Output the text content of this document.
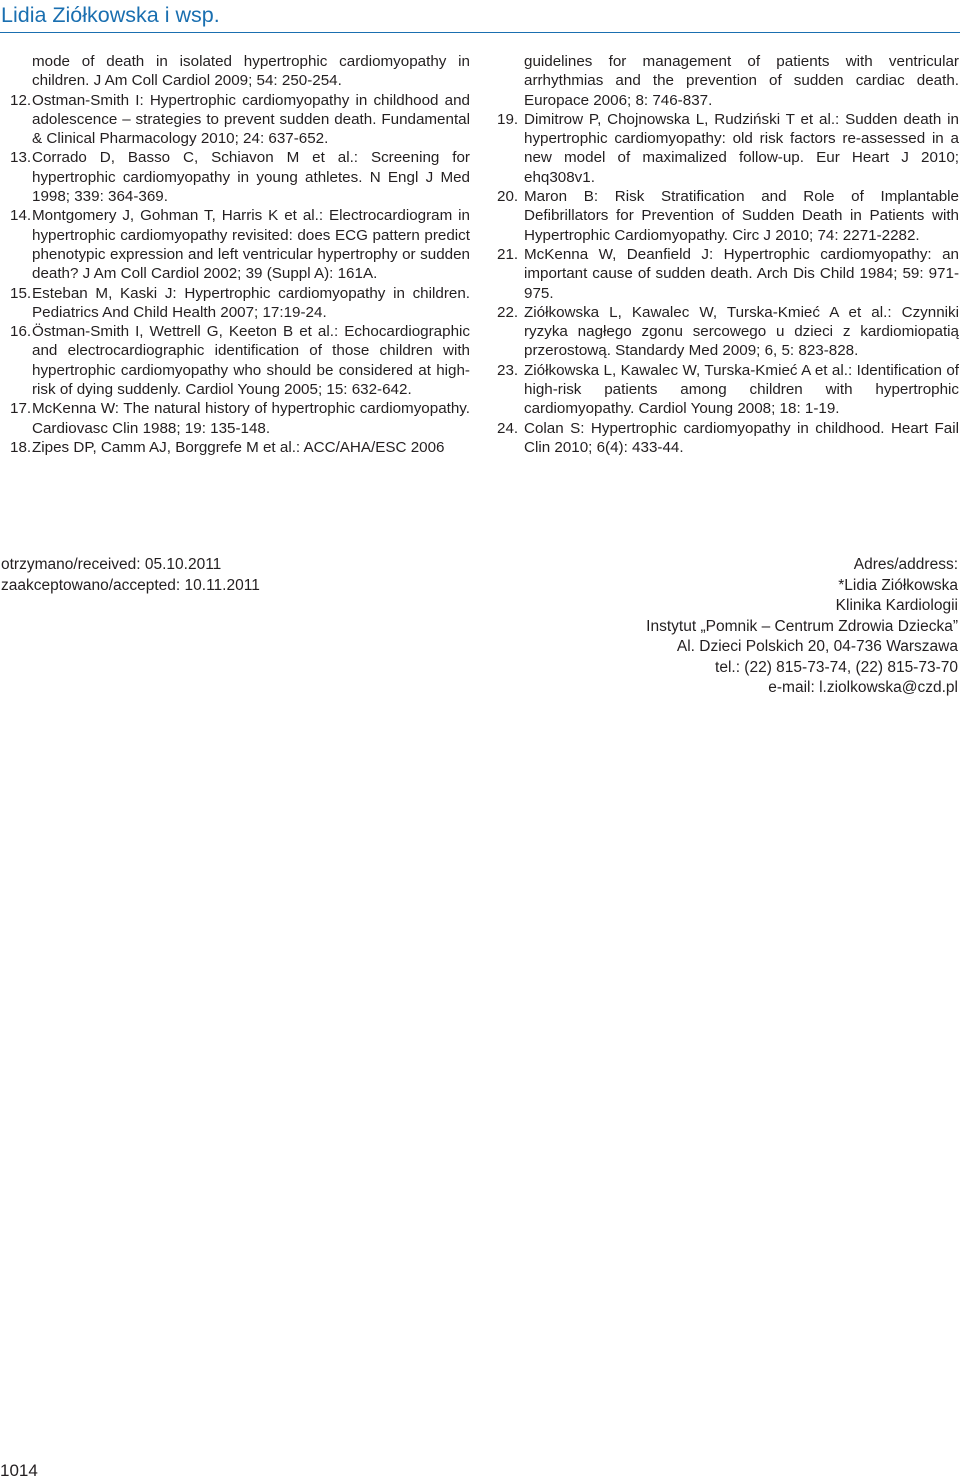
Lidia Ziółkowska i wsp.
mode of death in isolated hypertrophic cardiomyopathy in children. J Am Coll Cardiol 2009; 54: 250-254.
12. Ostman-Smith I: Hypertrophic cardiomyopathy in childhood and adolescence – strategies to prevent sudden death. Fundamental & Clinical Pharmacology 2010; 24: 637-652.
13. Corrado D, Basso C, Schiavon M et al.: Screening for hypertrophic cardiomyopathy in young athletes. N Engl J Med 1998; 339: 364-369.
14. Montgomery J, Gohman T, Harris K et al.: Electrocardiogram in hypertrophic cardiomyopathy revisited: does ECG pattern predict phenotypic expression and left ventricular hypertrophy or sudden death? J Am Coll Cardiol 2002; 39 (Suppl A): 161A.
15. Esteban M, Kaski J: Hypertrophic cardiomyopathy in children. Pediatrics And Child Health 2007; 17:19-24.
16. Östman-Smith I, Wettrell G, Keeton B et al.: Echocardiographic and electrocardiographic identification of those children with hypertrophic cardiomyopathy who should be considered at high-risk of dying suddenly. Cardiol Young 2005; 15: 632-642.
17. McKenna W: The natural history of hypertrophic cardiomyopathy. Cardiovasc Clin 1988; 19: 135-148.
18. Zipes DP, Camm AJ, Borggrefe M et al.: ACC/AHA/ESC 2006
guidelines for management of patients with ventricular arrhythmias and the prevention of sudden cardiac death. Europace 2006; 8: 746-837.
19. Dimitrow P, Chojnowska L, Rudziński T et al.: Sudden death in hypertrophic cardiomyopathy: old risk factors re-assessed in a new model of maximalized follow-up. Eur Heart J 2010; ehq308v1.
20. Maron B: Risk Stratification and Role of Implantable Defibrillators for Prevention of Sudden Death in Patients with Hypertrophic Cardiomyopathy. Circ J 2010; 74: 2271-2282.
21. McKenna W, Deanfield J: Hypertrophic cardiomyopathy: an important cause of sudden death. Arch Dis Child 1984; 59: 971-975.
22. Ziółkowska L, Kawalec W, Turska-Kmieć A et al.: Czynniki ryzyka nagłego zgonu sercowego u dzieci z kardiomiopatią przerostową. Standardy Med 2009; 6, 5: 823-828.
23. Ziółkowska L, Kawalec W, Turska-Kmieć A et al.: Identification of high-risk patients among children with hypertrophic cardiomyopathy. Cardiol Young 2008; 18: 1-19.
24. Colan S: Hypertrophic cardiomyopathy in childhood. Heart Fail Clin 2010; 6(4): 433-44.
otrzymano/received: 05.10.2011
zaakceptowano/accepted: 10.11.2011
Adres/address:
*Lidia Ziółkowska
Klinika Kardiologii
Instytut „Pomnik – Centrum Zdrowia Dziecka”
Al. Dzieci Polskich 20, 04-736 Warszawa
tel.: (22) 815-73-74, (22) 815-73-70
e-mail: l.ziolkowska@czd.pl
1014
